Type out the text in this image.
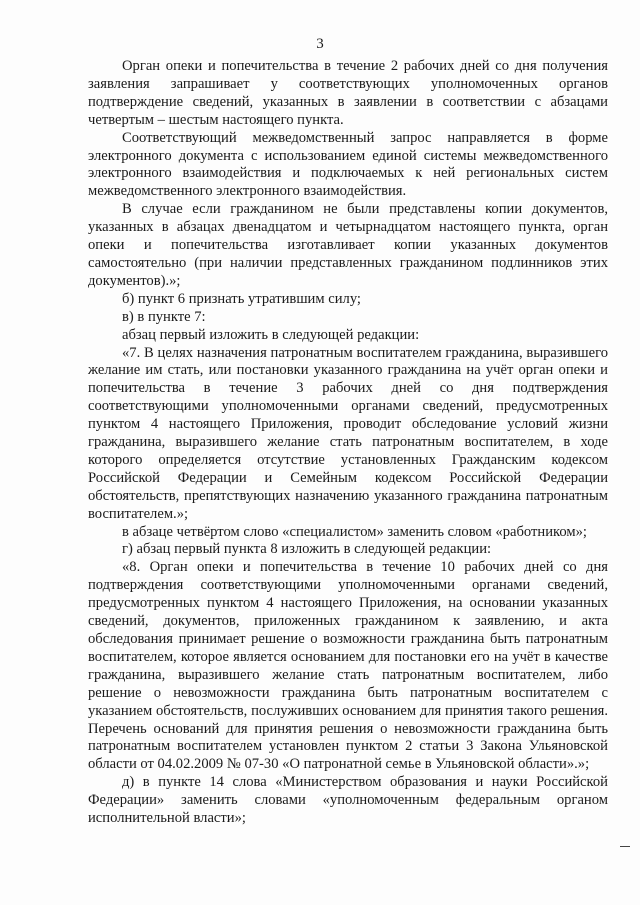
3

Орган опеки и попечительства в течение 2 рабочих дней со дня получения заявления запрашивает у соответствующих уполномоченных органов подтверждение сведений, указанных в заявлении в соответствии с абзацами четвертым – шестым настоящего пункта.

Соответствующий межведомственный запрос направляется в форме электронного документа с использованием единой системы межведомственного электронного взаимодействия и подключаемых к ней региональных систем межведомственного электронного взаимодействия.

В случае если гражданином не были представлены копии документов, указанных в абзацах двенадцатом и четырнадцатом настоящего пункта, орган опеки и попечительства изготавливает копии указанных документов самостоятельно (при наличии представленных гражданином подлинников этих документов).»;

б) пункт 6 признать утратившим силу;

в) в пункте 7:

абзац первый изложить в следующей редакции:

«7. В целях назначения патронатным воспитателем гражданина, выразившего желание им стать, или постановки указанного гражданина на учёт орган опеки и попечительства в течение 3 рабочих дней со дня подтверждения соответствующими уполномоченными органами сведений, предусмотренных пунктом 4 настоящего Приложения, проводит обследование условий жизни гражданина, выразившего желание стать патронатным воспитателем, в ходе которого определяется отсутствие установленных Гражданским кодексом Российской Федерации и Семейным кодексом Российской Федерации обстоятельств, препятствующих назначению указанного гражданина патронатным воспитателем.»;

в абзаце четвёртом слово «специалистом» заменить словом «работником»;

г) абзац первый пункта 8 изложить в следующей редакции:

«8. Орган опеки и попечительства в течение 10 рабочих дней со дня подтверждения соответствующими уполномоченными органами сведений, предусмотренных пунктом 4 настоящего Приложения, на основании указанных сведений, документов, приложенных гражданином к заявлению, и акта обследования принимает решение о возможности гражданина быть патронатным воспитателем, которое является основанием для постановки его на учёт в качестве гражданина, выразившего желание стать патронатным воспитателем, либо решение о невозможности гражданина быть патронатным воспитателем с указанием обстоятельств, послуживших основанием для принятия такого решения. Перечень оснований для принятия решения о невозможности гражданина быть патронатным воспитателем установлен пунктом 2 статьи 3 Закона Ульяновской области от 04.02.2009 № 07-30 «О патронатной семье в Ульяновской области».»;

д) в пункте 14 слова «Министерством образования и науки Российской Федерации» заменить словами «уполномоченным федеральным органом исполнительной власти»;
